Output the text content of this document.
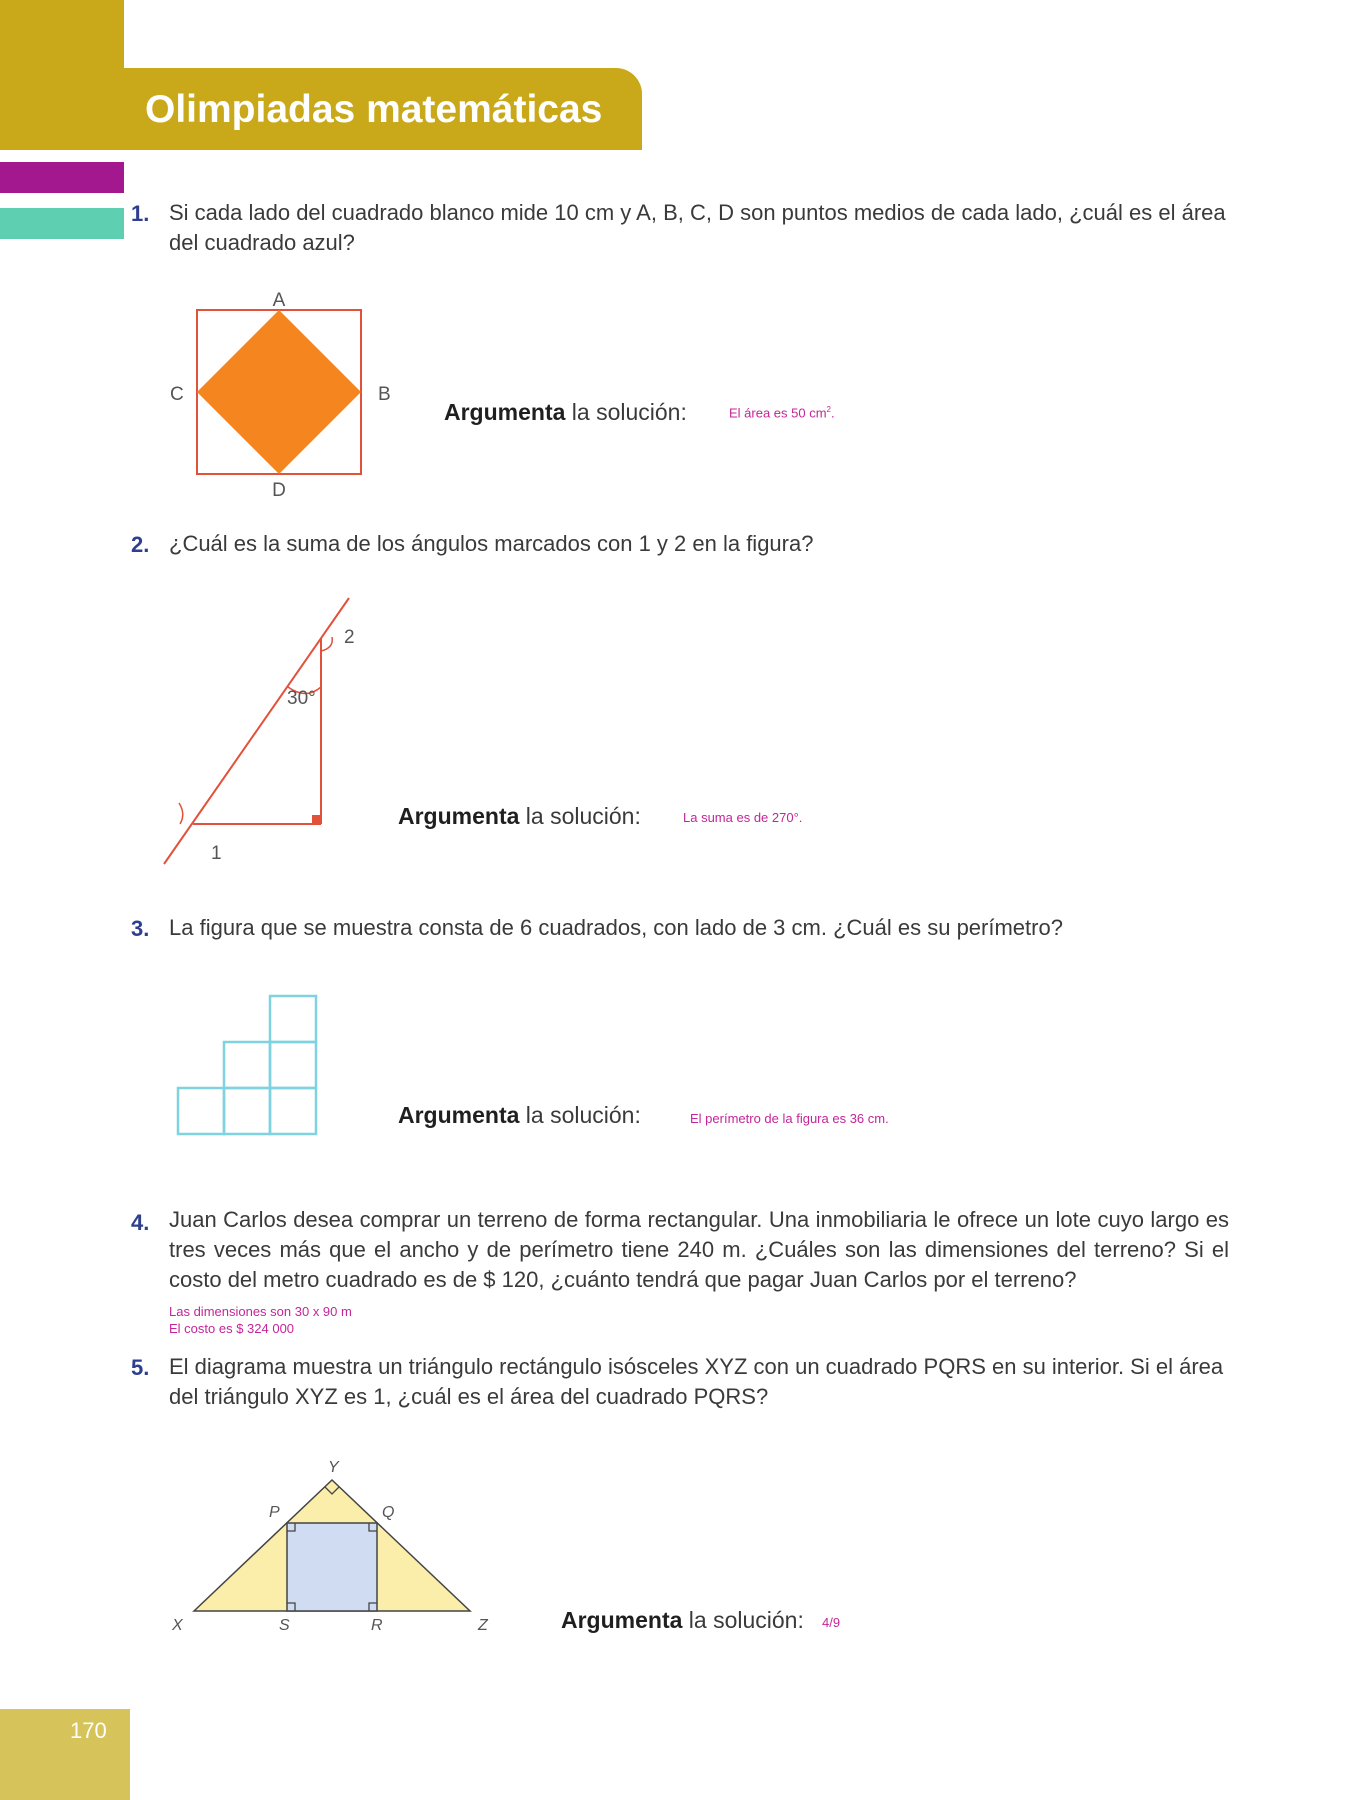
Olimpiadas matemáticas
1. Si cada lado del cuadrado blanco mide 10 cm y A, B, C, D son puntos medios de cada lado, ¿cuál es el área del cuadrado azul?
A
B
C
D
Argumenta la solución:	El área es 50 $cm^2$.
2. ¿Cuál es la suma de los ángulos marcados con 1 y 2 en la figura?
30°
2
1
Argumenta la solución:	La suma es de 270°.
3. La figura que se muestra consta de 6 cuadrados, con lado de 3 cm. ¿Cuál es su perímetro?
Argumenta la solución:	El perímetro de la figura es 36 cm.
4. Juan Carlos desea comprar un terreno de forma rectangular. Una inmobiliaria le ofrece un lote cuyo largo es tres veces más que el ancho y de perímetro tiene 240 m. ¿Cuáles son las dimensiones del terreno? Si el costo del metro cuadrado es de $ 120, ¿cuánto tendrá que pagar Juan Carlos por el terreno?
Las dimensiones son 30 x 90 m
El costo es $ 324 000
5. El diagrama muestra un triángulo rectángulo isósceles XYZ con un cuadrado PQRS en su interior. Si el área del triángulo XYZ es 1, ¿cuál es el área del cuadrado PQRS?
Y
P	Q
X	S	R	Z	Argumenta la solución: 4/9
170
